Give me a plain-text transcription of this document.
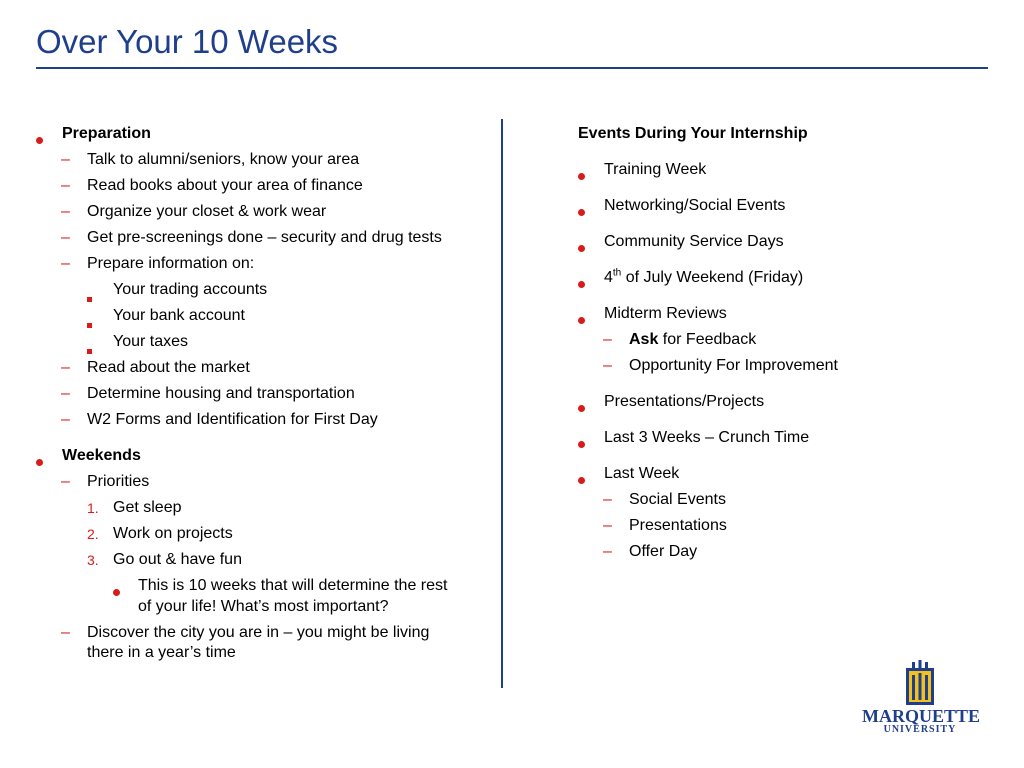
Over Your 10 Weeks
Preparation
– Talk to alumni/seniors, know your area
– Read books about your area of finance
– Organize your closet & work wear
– Get pre-screenings done – security and drug tests
– Prepare information on:
Your trading accounts
Your bank account
Your taxes
– Read about the market
– Determine housing and transportation
– W2 Forms and Identification for First Day
Weekends
– Priorities
1. Get sleep
2. Work on projects
3. Go out & have fun
This is 10 weeks that will determine the rest
of your life! What’s most important?
– Discover the city you are in – you might be living
there in a year’s time
Events During Your Internship
Training Week
Networking/Social Events
Community Service Days
4th of July Weekend (Friday)
Midterm Reviews
– Ask for Feedback
– Opportunity For Improvement
Presentations/Projects
Last 3 Weeks – Crunch Time
Last Week
– Social Events
– Presentations
– Offer Day
MARQUETTE
UNIVERSITY
